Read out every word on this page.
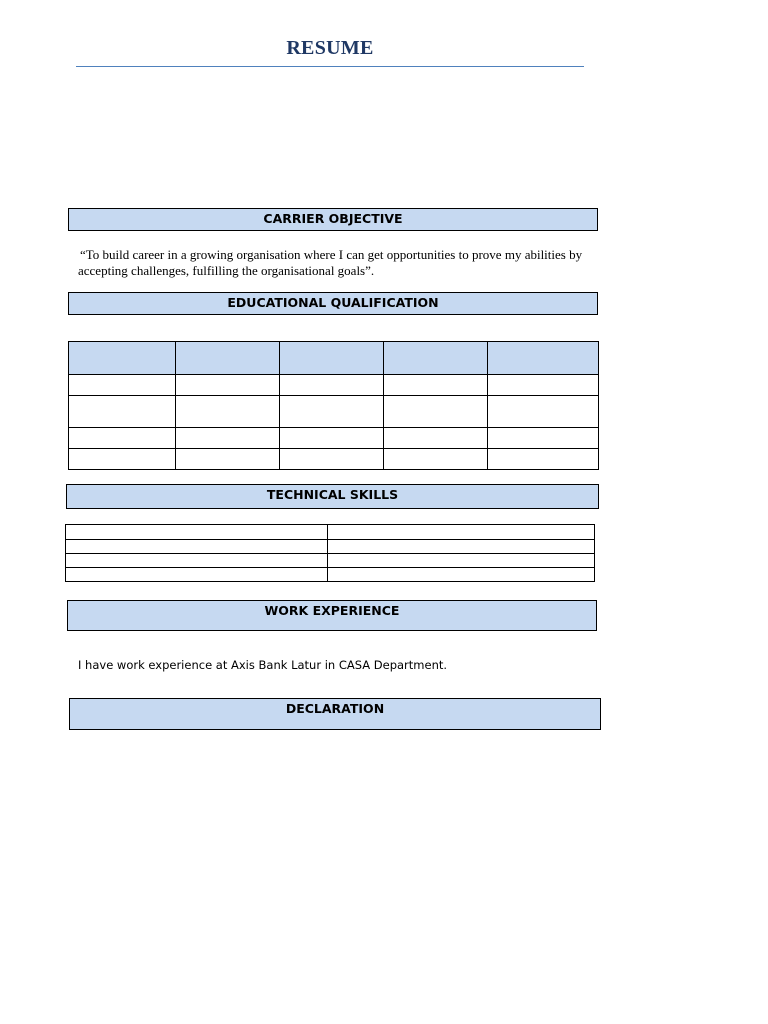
RESUME
CARRIER OBJECTIVE
“To build career in a growing organisation where I can get opportunities to prove my abilities by accepting challenges, fulfilling the organisational goals”.
EDUCATIONAL QUALIFICATION

TECHNICAL SKILLS

WORK EXPERIENCE
I have work experience at Axis Bank Latur in CASA Department.
DECLARATION
